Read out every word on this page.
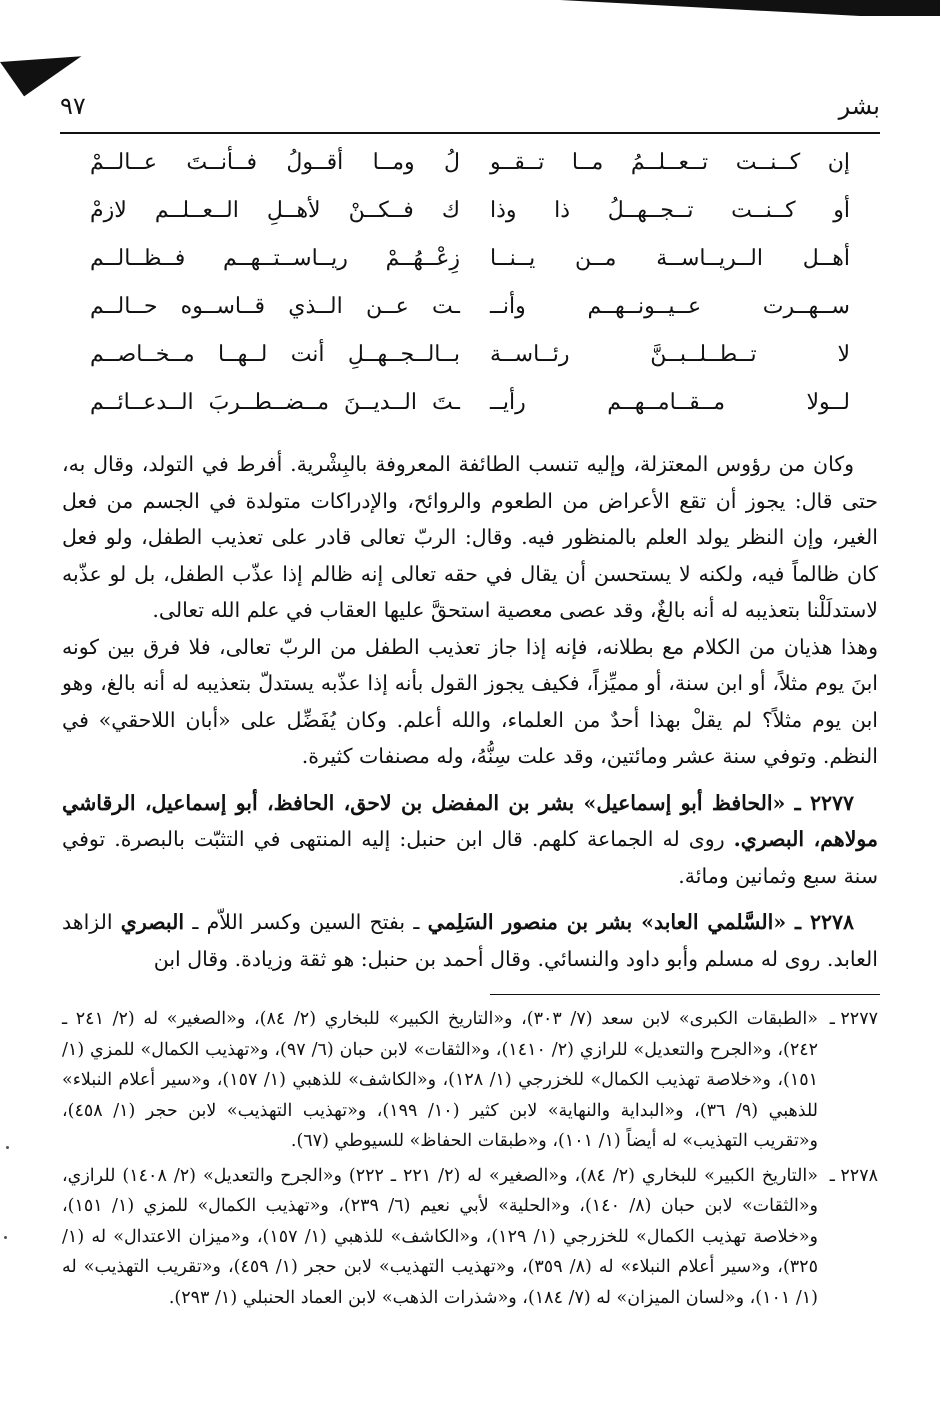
بشر
٩٧
إن كــنــت تــعــلــمُ مــا تــقــو
لُ ومــا أقــولُ فــأنــتَ عــالــمْ
أو كــنــت تــجــهــلُ ذا وذا
ك فــكــنْ لأهــلِ الــعــلــم لازمْ
أهــل الــريــاســة مــن يــنــا
زِعْــهُــمْ ريــاســتــهــم فــظــالــم
ســهــرت عــيــونــهــم وأنــ
ـت عــن الــذي قــاســوه حــالــم
لا تــطــلــبــنَّ رئــاســة
بــالــجــهــلِ أنت لــهــا مــخــاصــم
لــولا مــقــامــهــم رأيــ
ـتَ الــديــنَ مــضــطــربَ الــدعــائــم

وكان من رؤوس المعتزلة، وإليه تنسب الطائفة المعروفة بالبِشْرية. أفرط في التولد، وقال به، حتى قال: يجوز أن تقع الأعراض من الطعوم والروائح، والإدراكات متولدة في الجسم من فعل الغير، وإن النظر يولد العلم بالمنظور فيه. وقال: الربّ تعالى قادر على تعذيب الطفل، ولو فعل كان ظالماً فيه، ولكنه لا يستحسن أن يقال في حقه تعالى إنه ظالم إذا عذّب الطفل، بل لو عذّبه لاستدلَلْنا بتعذيبه له أنه بالغٌ، وقد عصى معصية استحقَّ عليها العقاب في علم الله تعالى.

وهذا هذيان من الكلام مع بطلانه، فإنه إذا جاز تعذيب الطفل من الربّ تعالى، فلا فرق بين كونه ابنَ يوم مثلاً، أو ابن سنة، أو مميِّزاً، فكيف يجوز القول بأنه إذا عذّبه يستدلّ بتعذيبه له أنه بالغ، وهو ابن يوم مثلاً؟ لم يقلْ بهذا أحدٌ من العلماء، والله أعلم. وكان يُفَضِّل على «أبان اللاحقي» في النظم. وتوفي سنة عشر ومائتين، وقد علت سِنُّهُ، وله مصنفات كثيرة.

٢٢٧٧ ـ «الحافظ أبو إسماعيل» بشر بن المفضل بن لاحق، الحافظ، أبو إسماعيل، الرقاشي مولاهم، البصري. روى له الجماعة كلهم. قال ابن حنبل: إليه المنتهى في التثبّت بالبصرة. توفي سنة سبع وثمانين ومائة.

٢٢٧٨ ـ «السَّلمي العابد» بشر بن منصور السَلِمي ـ بفتح السين وكسر اللاّم ـ البصري الزاهد العابد. روى له مسلم وأبو داود والنسائي. وقال أحمد بن حنبل: هو ثقة وزيادة. وقال ابن

٢٢٧٧ ـ
«الطبقات الكبرى» لابن سعد (٧/ ٣٠٣)، و«التاريخ الكبير» للبخاري (٢/ ٨٤)، و«الصغير» له (٢/ ٢٤١ ـ ٢٤٢)، و«الجرح والتعديل» للرازي (٢/ ١٤١٠)، و«الثقات» لابن حبان (٦/ ٩٧)، و«تهذيب الكمال» للمزي (١/ ١٥١)، و«خلاصة تهذيب الكمال» للخزرجي (١/ ١٢٨)، و«الكاشف» للذهبي (١/ ١٥٧)، و«سير أعلام النبلاء» للذهبي (٩/ ٣٦)، و«البداية والنهاية» لابن كثير (١٠/ ١٩٩)، و«تهذيب التهذيب» لابن حجر (١/ ٤٥٨)، و«تقريب التهذيب» له أيضاً (١/ ١٠١)، و«طبقات الحفاظ» للسيوطي (٦٧).
٢٢٧٨ ـ
«التاريخ الكبير» للبخاري (٢/ ٨٤)، و«الصغير» له (٢/ ٢٢١ ـ ٢٢٢) و«الجرح والتعديل» (٢/ ١٤٠٨) للرازي، و«الثقات» لابن حبان (٨/ ١٤٠)، و«الحلية» لأبي نعيم (٦/ ٢٣٩)، و«تهذيب الكمال» للمزي (١/ ١٥١)، و«خلاصة تهذيب الكمال» للخزرجي (١/ ١٢٩)، و«الكاشف» للذهبي (١/ ١٥٧)، و«ميزان الاعتدال» له (١/ ٣٢٥)، و«سير أعلام النبلاء» له (٨/ ٣٥٩)، و«تهذيب التهذيب» لابن حجر (١/ ٤٥٩)، و«تقريب التهذيب» له (١/ ١٠١)، و«لسان الميزان» له (٧/ ١٨٤)، و«شذرات الذهب» لابن العماد الحنبلي (١/ ٢٩٣).
